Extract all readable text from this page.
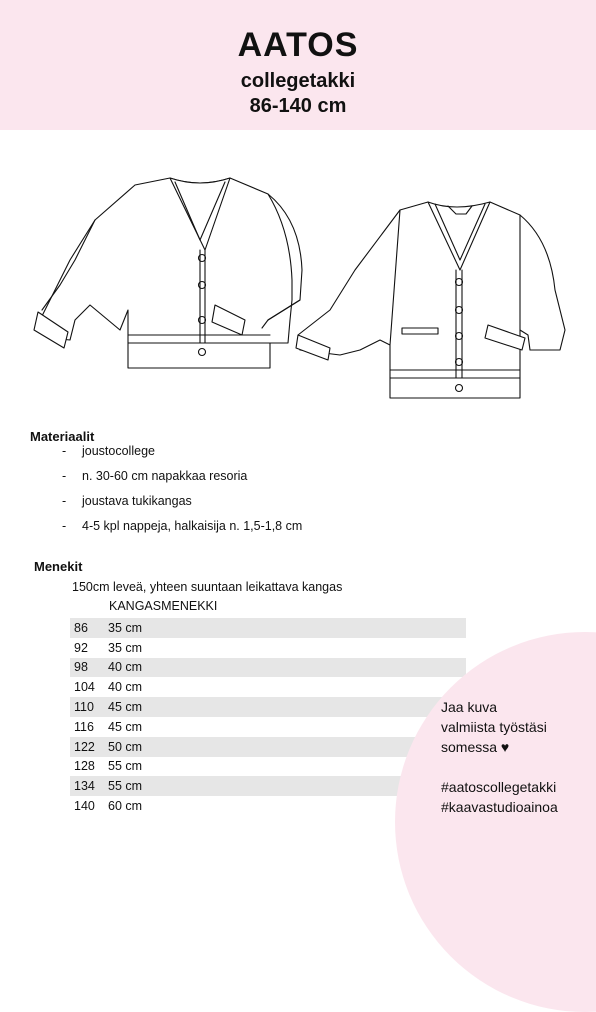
AATOS
collegetakki
86-140 cm
Materiaalit
-	joustocollege
-	n. 30-60 cm napakkaa resoria
-	joustava tukikangas
-	4-5 kpl nappeja, halkaisija n. 1,5-1,8 cm
Menekit
150cm leveä, yhteen suuntaan leikattava kangas
KANGASMENEKKI
86	35 cm
92	35 cm
98	40 cm
104	40 cm
110	45 cm
116	45 cm
122	50 cm
128	55 cm
134	55 cm
140	60 cm
Jaa kuva
valmiista työstäsi
somessa ♥
#aatoscollegetakki
#kaavastudioainoa
